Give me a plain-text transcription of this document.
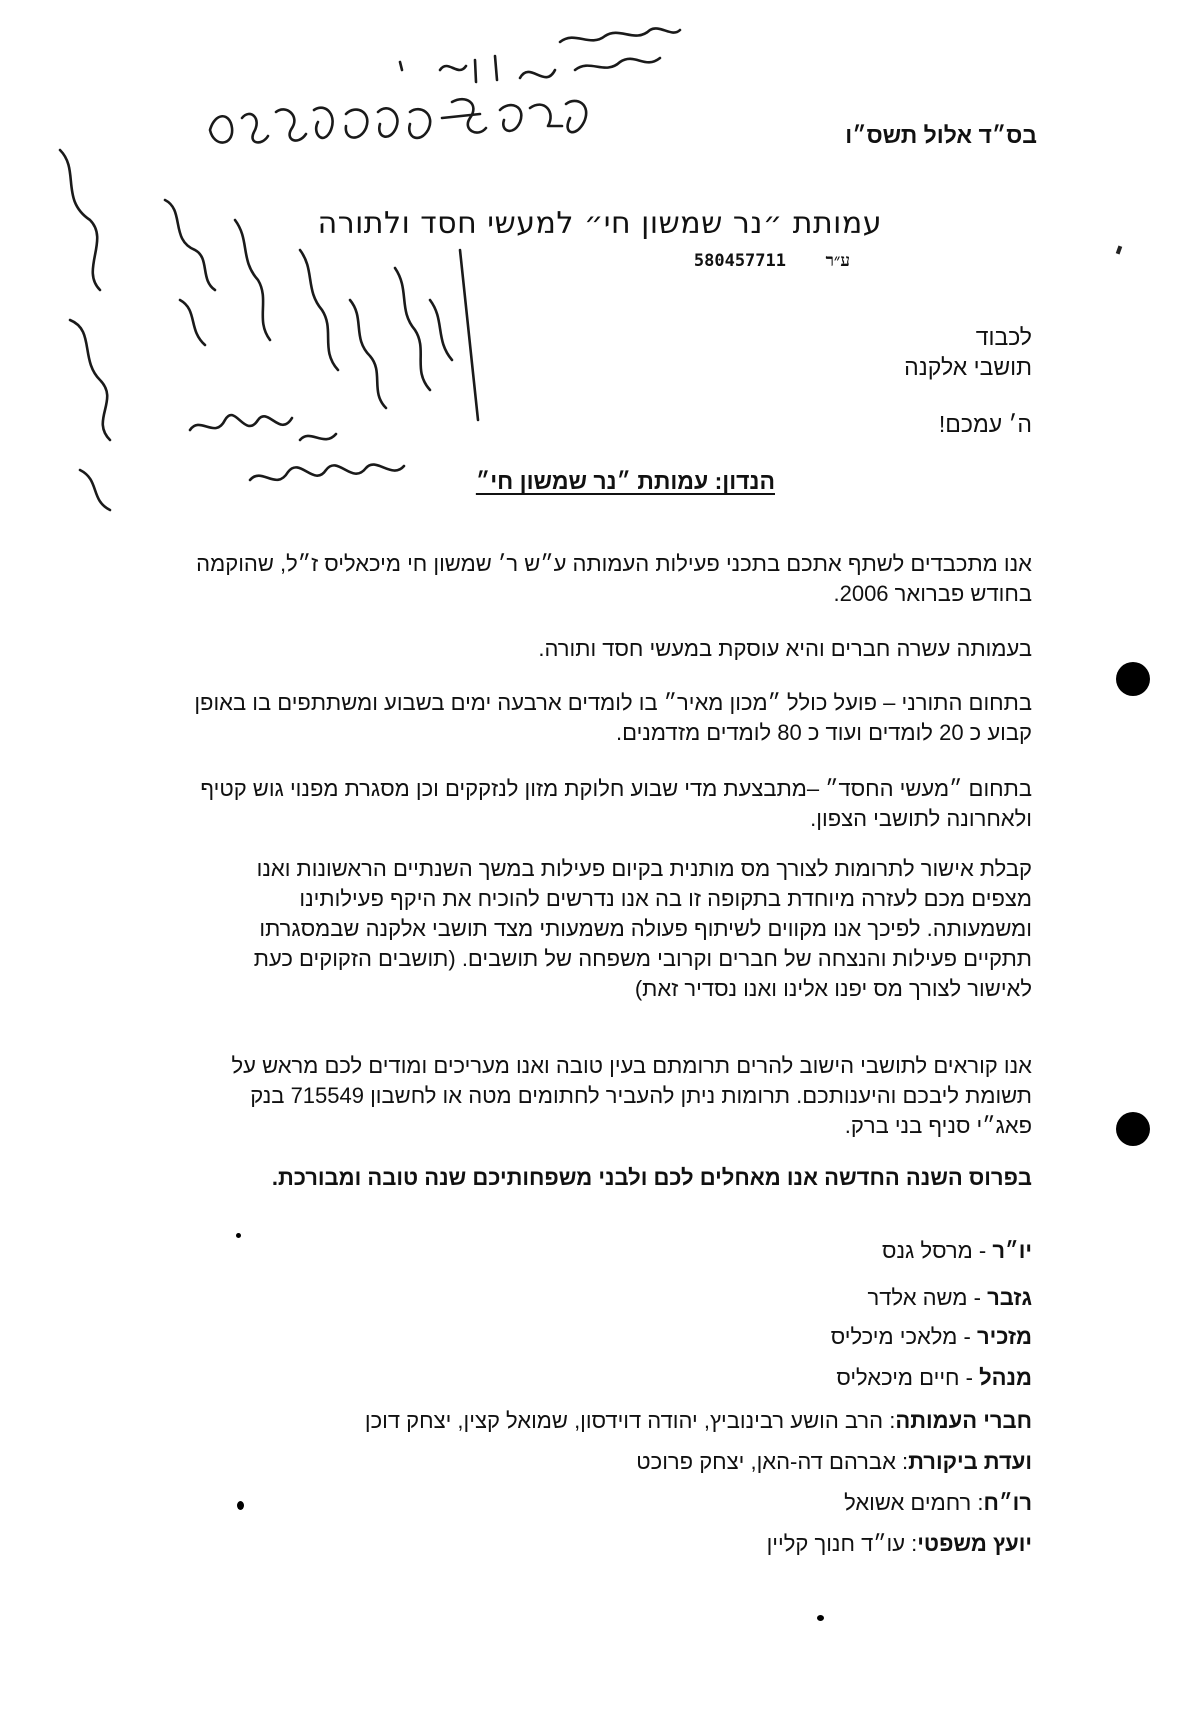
בס״ד אלול תשס״ו
עמותת ״נר שמשון חי״ למעשי חסד ולתורה
ע״ר
580457711
לכבוד
תושבי אלקנה
ה׳ עמכם!
הנדון: עמותת ״נר שמשון חי״
אנו מתכבדים לשתף אתכם בתכני פעילות העמותה ע״ש ר׳ שמשון חי מיכאליס ז״ל, שהוקמה בחודש פברואר 2006.
בעמותה עשרה חברים והיא עוסקת במעשי חסד ותורה.
בתחום התורני – פועל כולל ״מכון מאיר״ בו לומדים ארבעה ימים בשבוע ומשתתפים בו באופן קבוע כ 20 לומדים ועוד כ 80 לומדים מזדמנים.
בתחום ״מעשי החסד״ –מתבצעת מדי שבוע חלוקת מזון לנזקקים וכן מסגרת מפנוי גוש קטיף ולאחרונה לתושבי הצפון.
קבלת אישור לתרומות לצורך מס מותנית בקיום פעילות במשך השנתיים הראשונות ואנו מצפים מכם לעזרה מיוחדת בתקופה זו בה אנו נדרשים להוכיח את היקף פעילותינו ומשמעותה. לפיכך אנו מקווים לשיתוף פעולה משמעותי מצד תושבי אלקנה שבמסגרתו תתקיים פעילות והנצחה של חברים וקרובי משפחה של תושבים. (תושבים הזקוקים כעת לאישור לצורך מס יפנו אלינו ואנו נסדיר זאת)
אנו קוראים לתושבי הישוב להרים תרומתם בעין טובה ואנו מעריכים ומודים לכם מראש על תשומת ליבכם והיענותכם. תרומות ניתן להעביר לחתומים מטה או לחשבון 715549 בנק פאג״י סניף בני ברק.
בפרוס השנה החדשה אנו מאחלים לכם ולבני משפחותיכם שנה טובה ומבורכת.
יו״ר - מרסל גנס
גזבר - משה אלדר
מזכיר - מלאכי מיכליס
מנהל - חיים מיכאליס
חברי העמותה: הרב הושע רבינוביץ, יהודה דוידסון, שמואל קצין, יצחק דוכן
ועדת ביקורת: אברהם דה-האן, יצחק פרוכט
רו״ח: רחמים אשואל
יועץ משפטי: עו״ד חנוך קליין
